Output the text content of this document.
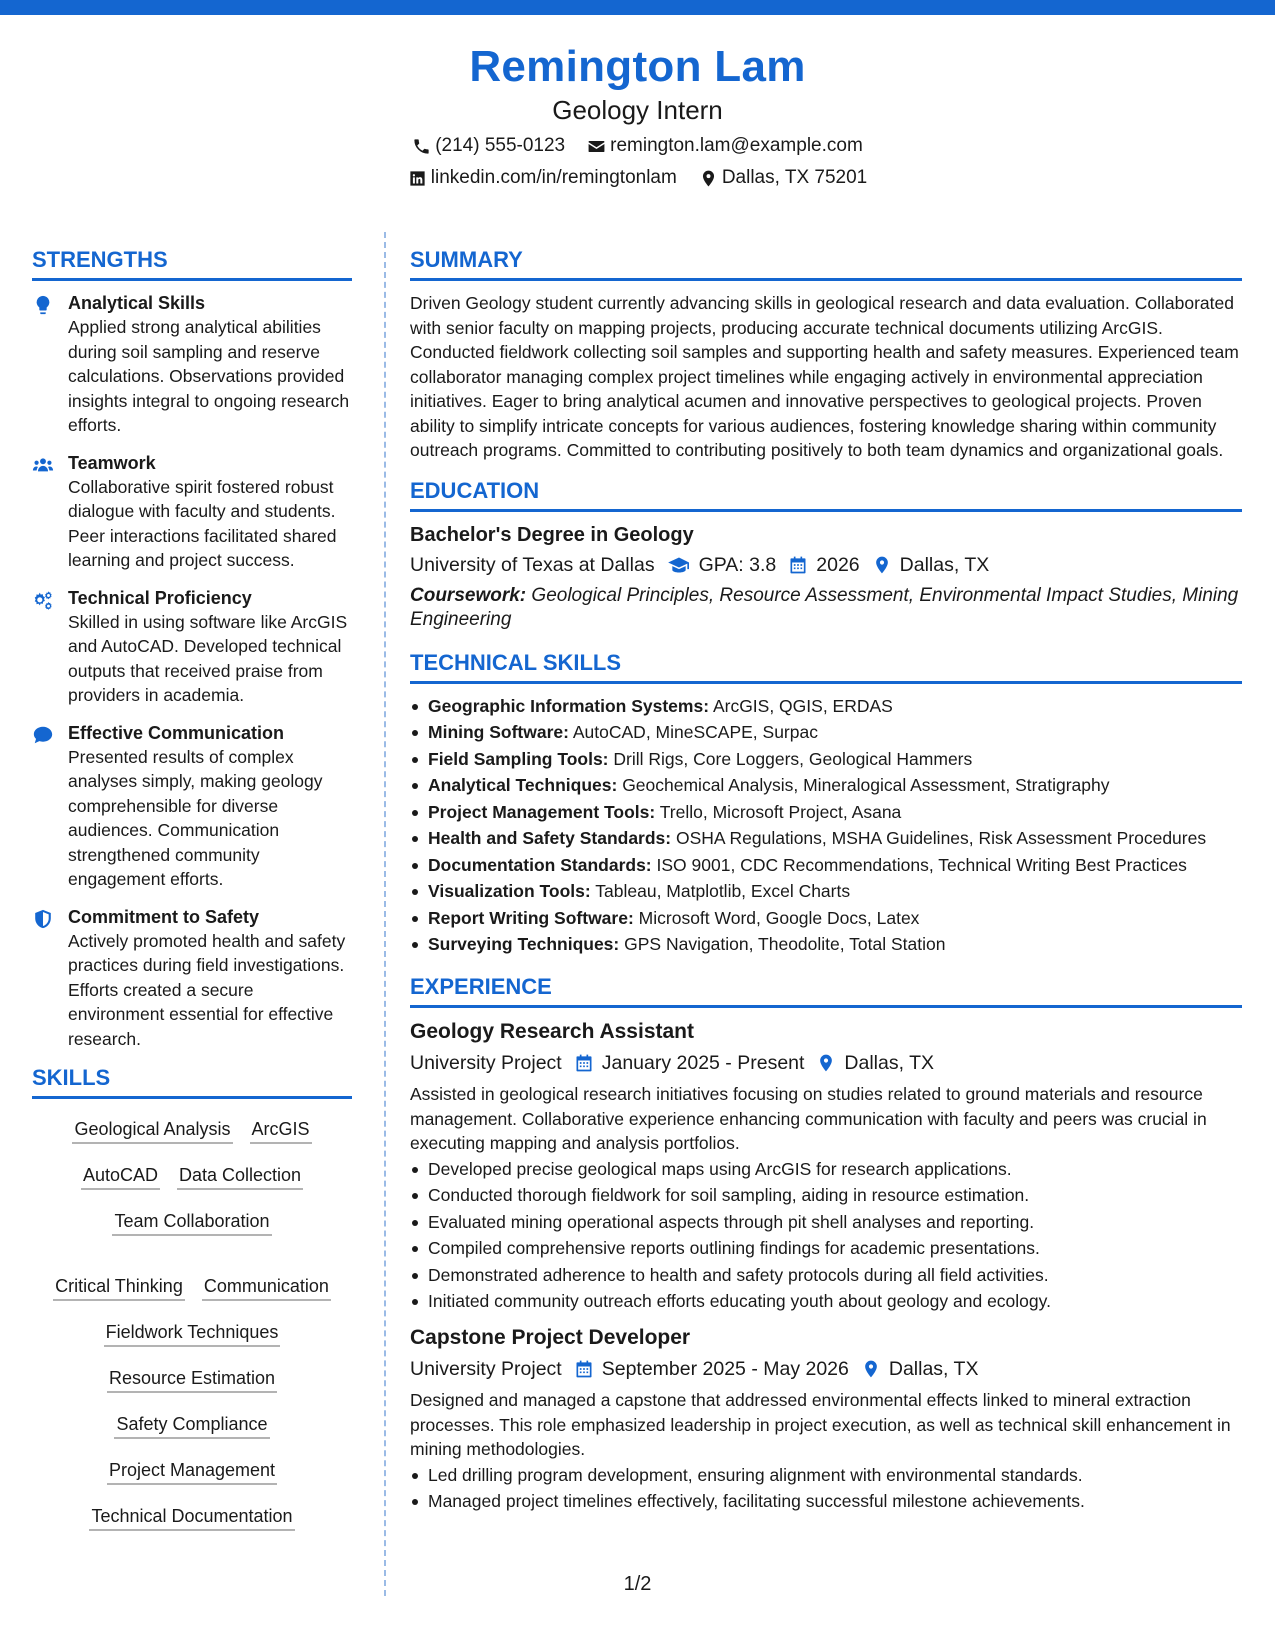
Remington Lam
Geology Intern
(214) 555-0123 remington.lam@example.com
linkedin.com/in/remingtonlam Dallas, TX 75201
STRENGTHS
Analytical Skills
Applied strong analytical abilities during soil sampling and reserve calculations. Observations provided insights integral to ongoing research efforts.
Teamwork
Collaborative spirit fostered robust dialogue with faculty and students. Peer interactions facilitated shared learning and project success.
Technical Proficiency
Skilled in using software like ArcGIS and AutoCAD. Developed technical outputs that received praise from providers in academia.
Effective Communication
Presented results of complex analyses simply, making geology comprehensible for diverse audiences. Communication strengthened community engagement efforts.
Commitment to Safety
Actively promoted health and safety practices during field investigations. Efforts created a secure environment essential for effective research.
SKILLS
Geological Analysis ArcGIS
AutoCAD Data Collection
Team Collaboration
Critical Thinking Communication
Fieldwork Techniques
Resource Estimation
Safety Compliance
Project Management
Technical Documentation
SUMMARY
Driven Geology student currently advancing skills in geological research and data evaluation. Collaborated with senior faculty on mapping projects, producing accurate technical documents utilizing ArcGIS. Conducted fieldwork collecting soil samples and supporting health and safety measures. Experienced team collaborator managing complex project timelines while engaging actively in environmental appreciation initiatives. Eager to bring analytical acumen and innovative perspectives to geological projects. Proven ability to simplify intricate concepts for various audiences, fostering knowledge sharing within community outreach programs. Committed to contributing positively to both team dynamics and organizational goals.
EDUCATION
Bachelor's Degree in Geology
University of Texas at Dallas GPA: 3.8 2026 Dallas, TX
Coursework: Geological Principles, Resource Assessment, Environmental Impact Studies, Mining Engineering
TECHNICAL SKILLS
Geographic Information Systems: ArcGIS, QGIS, ERDAS
Mining Software: AutoCAD, MineSCAPE, Surpac
Field Sampling Tools: Drill Rigs, Core Loggers, Geological Hammers
Analytical Techniques: Geochemical Analysis, Mineralogical Assessment, Stratigraphy
Project Management Tools: Trello, Microsoft Project, Asana
Health and Safety Standards: OSHA Regulations, MSHA Guidelines, Risk Assessment Procedures
Documentation Standards: ISO 9001, CDC Recommendations, Technical Writing Best Practices
Visualization Tools: Tableau, Matplotlib, Excel Charts
Report Writing Software: Microsoft Word, Google Docs, Latex
Surveying Techniques: GPS Navigation, Theodolite, Total Station
EXPERIENCE
Geology Research Assistant
University Project January 2025 - Present Dallas, TX
Assisted in geological research initiatives focusing on studies related to ground materials and resource management. Collaborative experience enhancing communication with faculty and peers was crucial in executing mapping and analysis portfolios.
Developed precise geological maps using ArcGIS for research applications.
Conducted thorough fieldwork for soil sampling, aiding in resource estimation.
Evaluated mining operational aspects through pit shell analyses and reporting.
Compiled comprehensive reports outlining findings for academic presentations.
Demonstrated adherence to health and safety protocols during all field activities.
Initiated community outreach efforts educating youth about geology and ecology.
Capstone Project Developer
University Project September 2025 - May 2026 Dallas, TX
Designed and managed a capstone that addressed environmental effects linked to mineral extraction processes. This role emphasized leadership in project execution, as well as technical skill enhancement in mining methodologies.
Led drilling program development, ensuring alignment with environmental standards.
Managed project timelines effectively, facilitating successful milestone achievements.
1/2
